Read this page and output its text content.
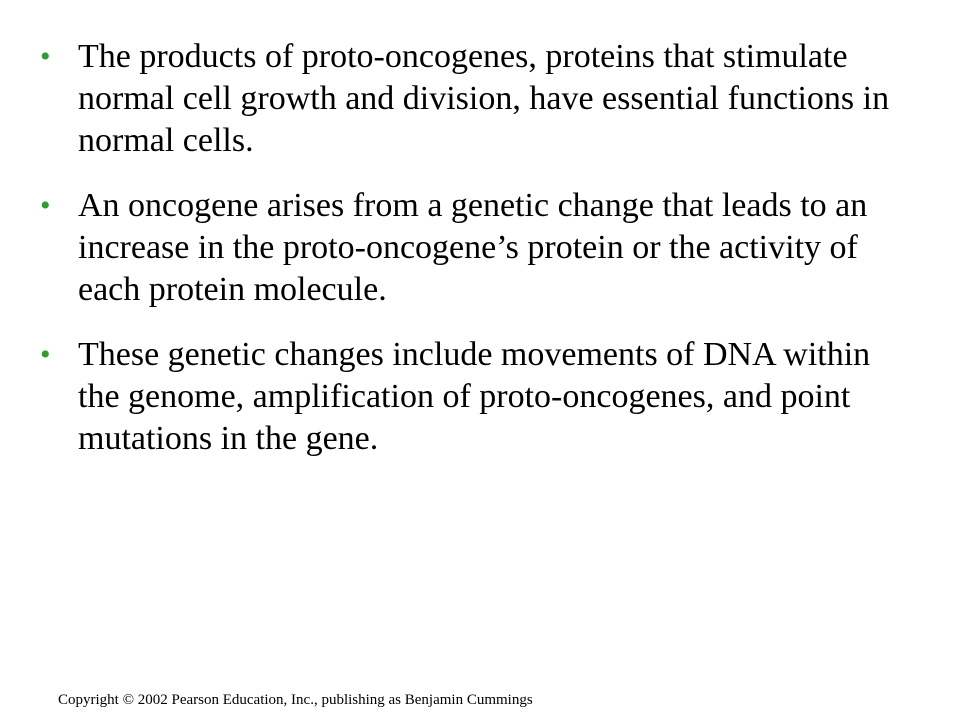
• The products of proto-oncogenes, proteins that stimulate normal cell growth and division, have essential functions in normal cells.
• An oncogene arises from a genetic change that leads to an increase in the proto-oncogene’s protein or the activity of each protein molecule.
• These genetic changes include movements of DNA within the genome, amplification of proto-oncogenes, and point mutations in the gene.
Copyright © 2002 Pearson Education, Inc., publishing as Benjamin Cummings
